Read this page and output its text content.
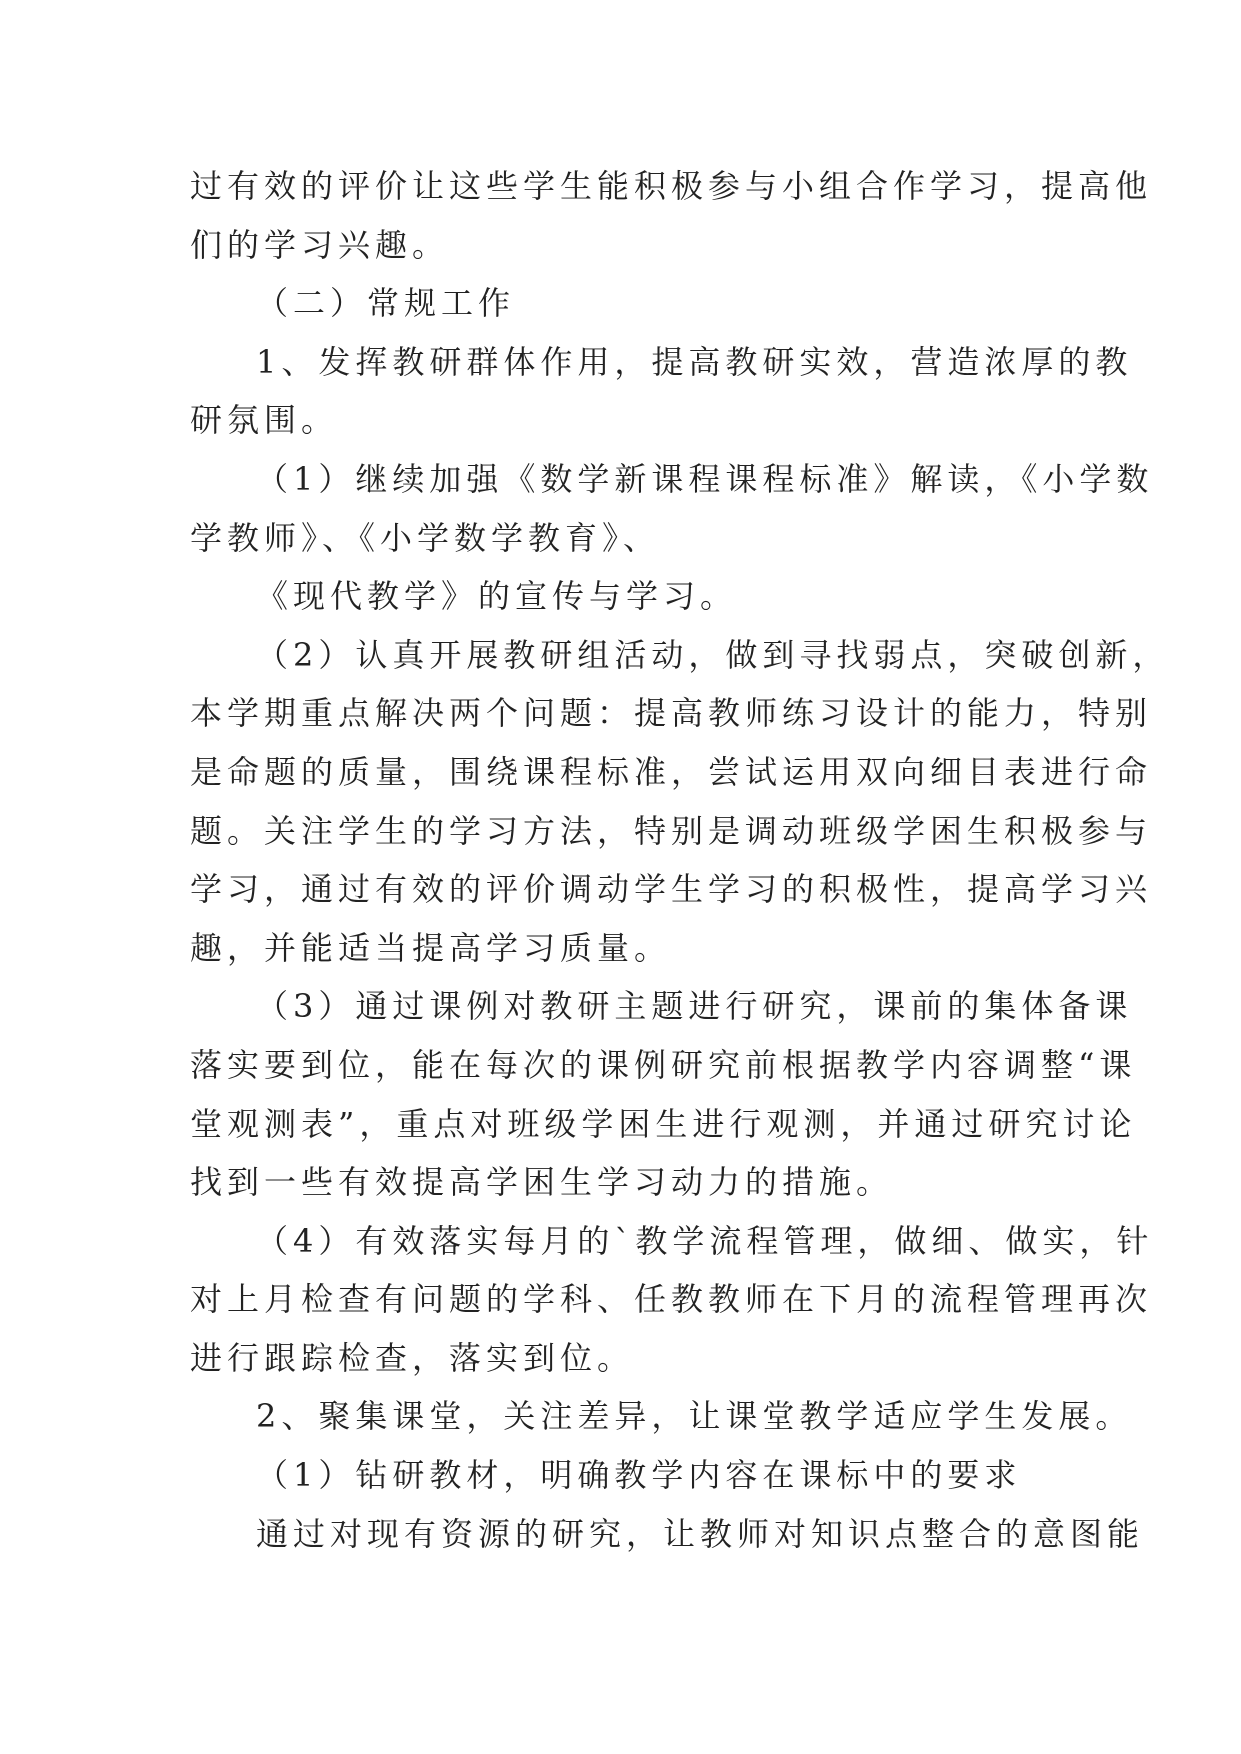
过有效的评价让这些学生能积极参与小组合作学习，提高他
们的学习兴趣。
（二）常规工作
1、发挥教研群体作用，提高教研实效，营造浓厚的教
研氛围。
（1）继续加强《数学新课程课程标准》解读，《小学数
学教师》、《小学数学教育》、
《现代教学》的宣传与学习。
（2）认真开展教研组活动，做到寻找弱点，突破创新，
本学期重点解决两个问题：提高教师练习设计的能力，特别
是命题的质量，围绕课程标准，尝试运用双向细目表进行命
题。关注学生的学习方法，特别是调动班级学困生积极参与
学习，通过有效的评价调动学生学习的积极性，提高学习兴
趣，并能适当提高学习质量。
（3）通过课例对教研主题进行研究，课前的集体备课
落实要到位，能在每次的课例研究前根据教学内容调整“课
堂观测表”，重点对班级学困生进行观测，并通过研究讨论
找到一些有效提高学困生学习动力的措施。
（4）有效落实每月的`教学流程管理，做细、做实，针
对上月检查有问题的学科、任教教师在下月的流程管理再次
进行跟踪检查，落实到位。
2、聚集课堂，关注差异，让课堂教学适应学生发展。
（1）钻研教材，明确教学内容在课标中的要求
通过对现有资源的研究，让教师对知识点整合的意图能
